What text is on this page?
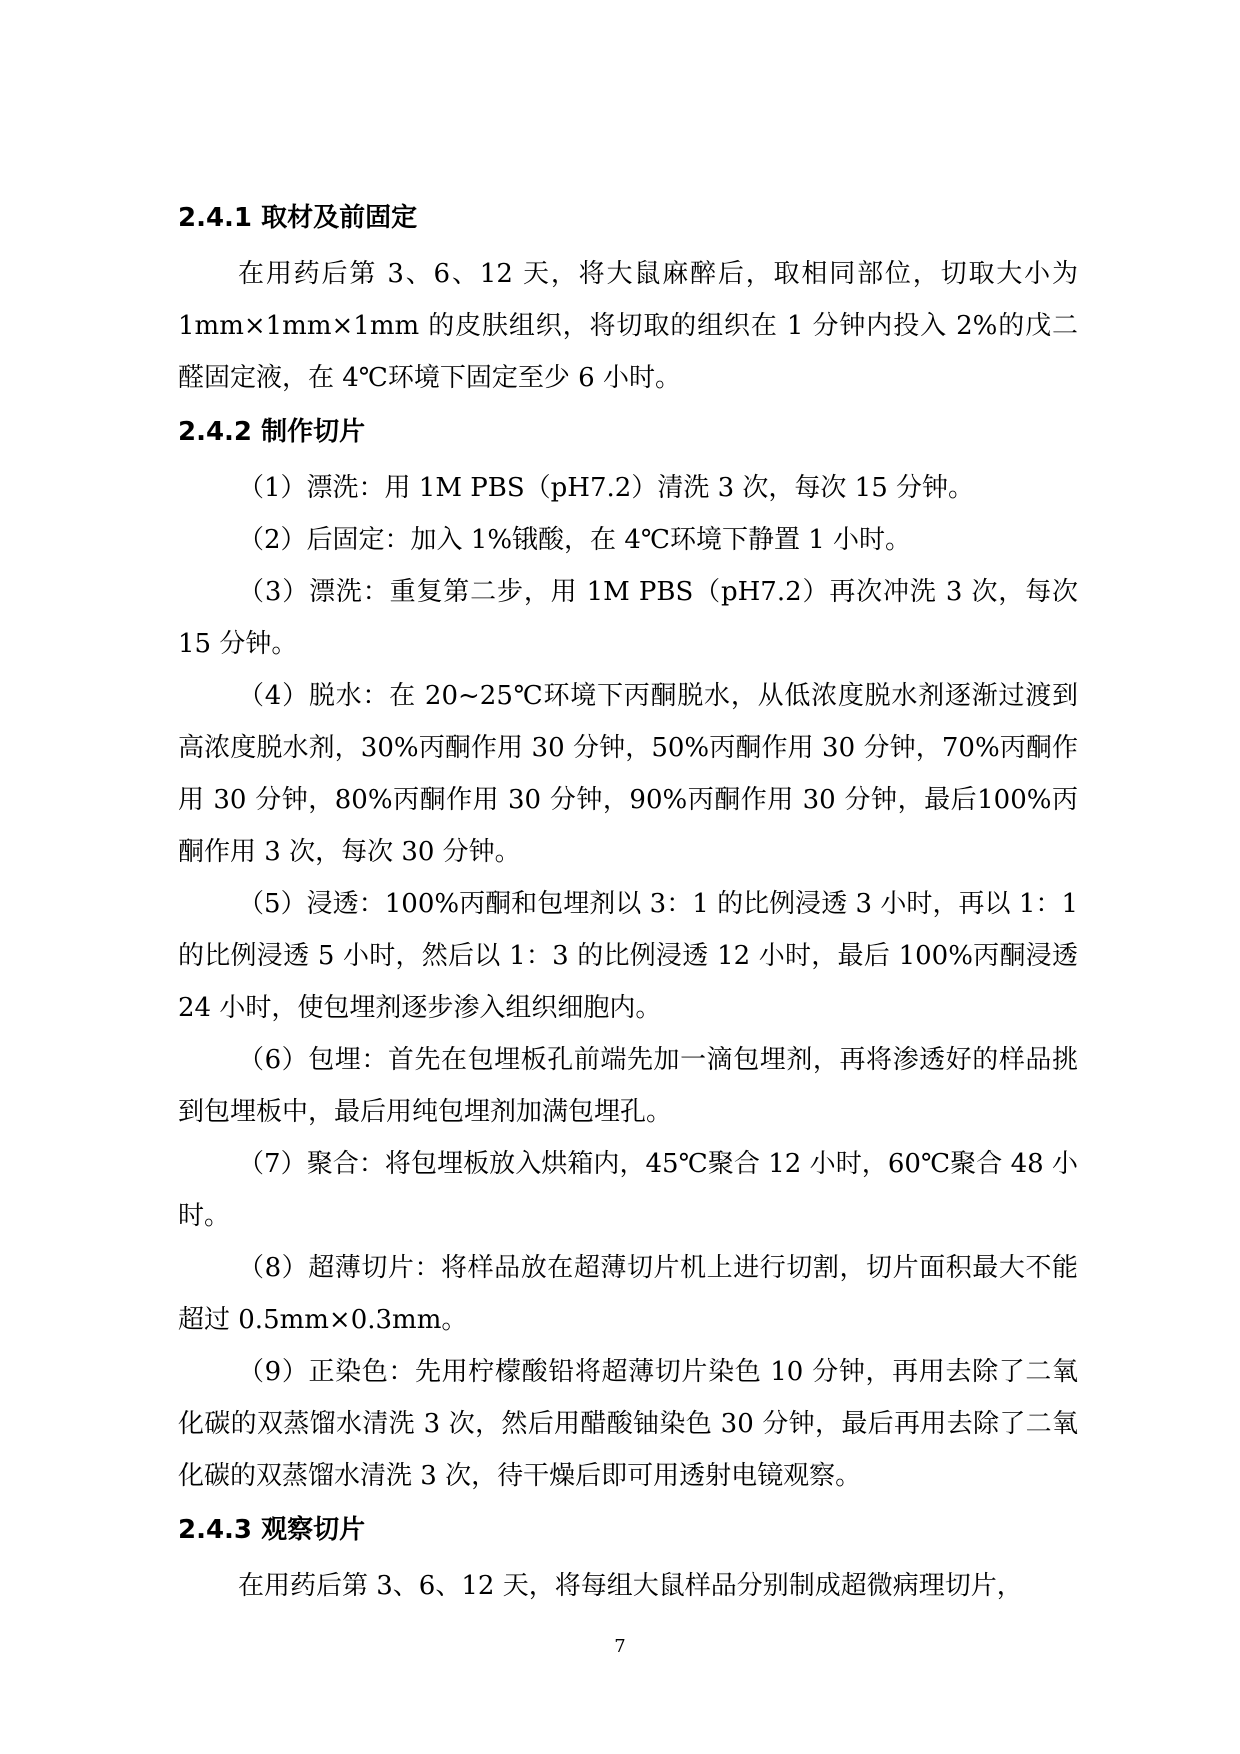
2.4.1 取材及前固定

在用药后第 3、6、12 天，将大鼠麻醉后，取相同部位，切取大小为 1mm×1mm×1mm 的皮肤组织，将切取的组织在 1 分钟内投入 2%的戊二醛固定液，在 4℃环境下固定至少 6 小时。

2.4.2 制作切片

（1）漂洗：用 1M PBS（pH7.2）清洗 3 次，每次 15 分钟。

（2）后固定：加入 1%锇酸，在 4℃环境下静置 1 小时。

（3）漂洗：重复第二步，用 1M PBS（pH7.2）再次冲洗 3 次，每次 15 分钟。

（4）脱水：在 20~25℃环境下丙酮脱水，从低浓度脱水剂逐渐过渡到高浓度脱水剂，30%丙酮作用 30 分钟，50%丙酮作用 30 分钟，70%丙酮作用 30 分钟，80%丙酮作用 30 分钟，90%丙酮作用 30 分钟，最后100%丙酮作用 3 次，每次 30 分钟。

（5）浸透：100%丙酮和包埋剂以 3：1 的比例浸透 3 小时，再以 1：1 的比例浸透 5 小时，然后以 1：3 的比例浸透 12 小时，最后 100%丙酮浸透 24 小时，使包埋剂逐步渗入组织细胞内。

（6）包埋：首先在包埋板孔前端先加一滴包埋剂，再将渗透好的样品挑到包埋板中，最后用纯包埋剂加满包埋孔。

（7）聚合：将包埋板放入烘箱内，45℃聚合 12 小时，60℃聚合 48 小时。

（8）超薄切片：将样品放在超薄切片机上进行切割，切片面积最大不能超过 0.5mm×0.3mm。

（9）正染色：先用柠檬酸铅将超薄切片染色 10 分钟，再用去除了二氧化碳的双蒸馏水清洗 3 次，然后用醋酸铀染色 30 分钟，最后再用去除了二氧化碳的双蒸馏水清洗 3 次，待干燥后即可用透射电镜观察。

2.4.3 观察切片

在用药后第 3、6、12 天，将每组大鼠样品分别制成超微病理切片，

7
